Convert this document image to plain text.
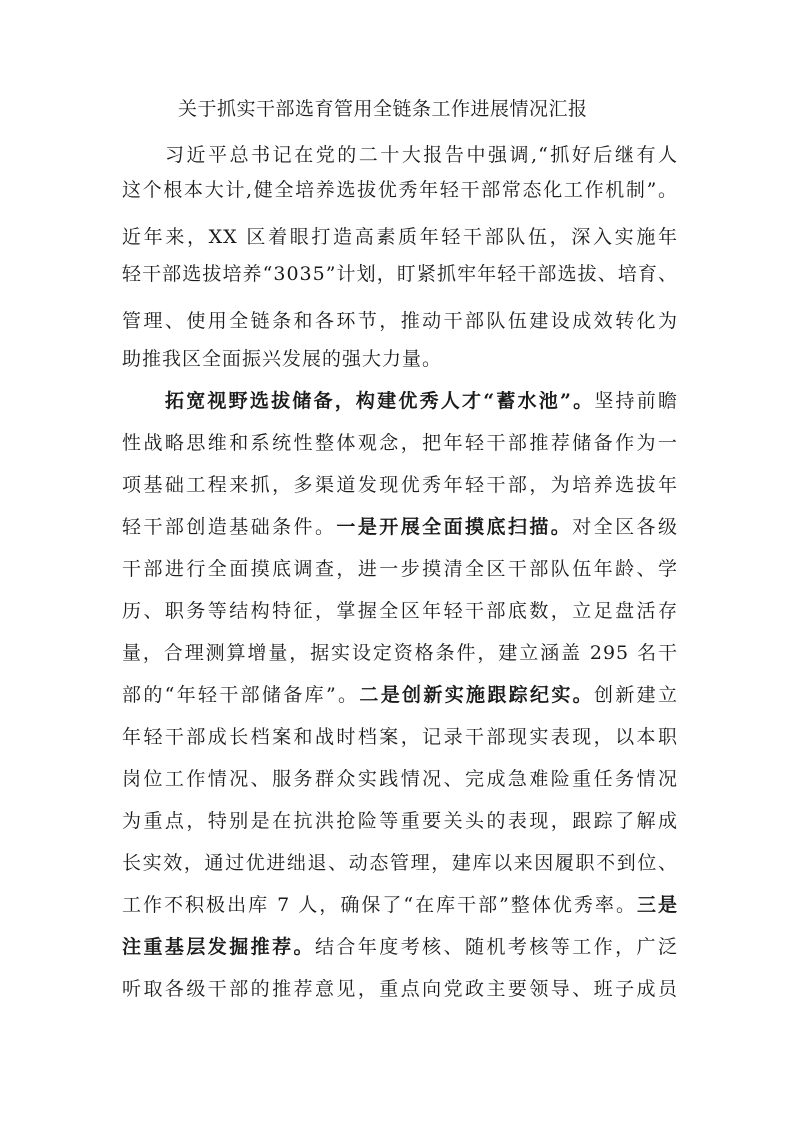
关于抓实干部选育管用全链条工作进展情况汇报
习近平总书记在党的二十大报告中强调,“抓好后继有人
这个根本大计,健全培养选拔优秀年轻干部常态化工作机制”。
近年来，XX 区着眼打造高素质年轻干部队伍，深入实施年
轻干部选拔培养“3035”计划，盯紧抓牢年轻干部选拔、培育、
管理、使用全链条和各环节，推动干部队伍建设成效转化为
助推我区全面振兴发展的强大力量。
拓宽视野选拔储备，构建优秀人才“蓄水池”。坚持前瞻
性战略思维和系统性整体观念，把年轻干部推荐储备作为一
项基础工程来抓，多渠道发现优秀年轻干部，为培养选拔年
轻干部创造基础条件。一是开展全面摸底扫描。对全区各级
干部进行全面摸底调查，进一步摸清全区干部队伍年龄、学
历、职务等结构特征，掌握全区年轻干部底数，立足盘活存
量，合理测算增量，据实设定资格条件，建立涵盖 295 名干
部的“年轻干部储备库”。二是创新实施跟踪纪实。创新建立
年轻干部成长档案和战时档案，记录干部现实表现，以本职
岗位工作情况、服务群众实践情况、完成急难险重任务情况
为重点，特别是在抗洪抢险等重要关头的表现，跟踪了解成
长实效，通过优进绌退、动态管理，建库以来因履职不到位、
工作不积极出库 7 人，确保了“在库干部”整体优秀率。三是
注重基层发掘推荐。结合年度考核、随机考核等工作，广泛
听取各级干部的推荐意见，重点向党政主要领导、班子成员
